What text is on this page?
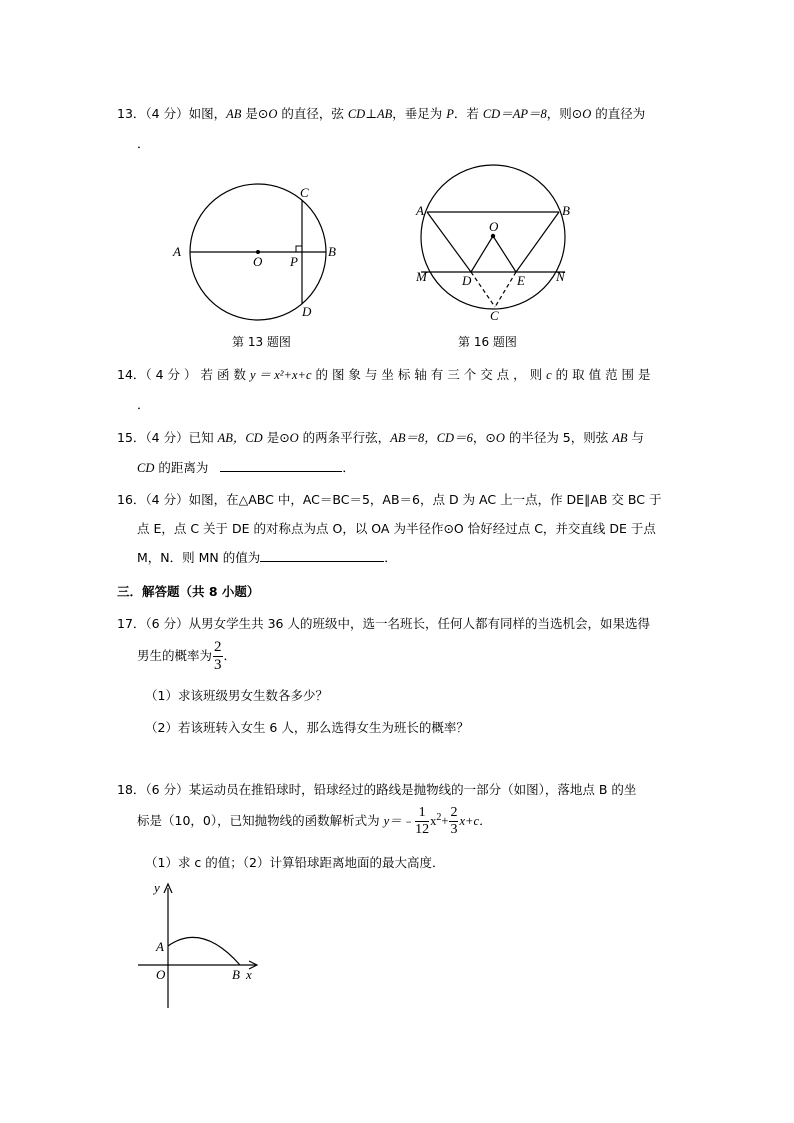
13．（4 分）如图，AB 是⊙O 的直径，弦 CD⊥AB，垂足为 P．若 CD＝AP＝8，则⊙O 的直径为
．
A	B
C
D
O P
第 13 题图
A	B
O
M	N
D	E
C
第 16 题图
14．（ 4 分 ） 若 函 数 y ＝ x²+x+c 的 图 象 与 坐 标 轴 有 三 个 交 点 ， 则 c 的 取 值 范 围 是
．
15．（4 分）已知 AB，CD 是⊙O 的两条平行弦，AB＝8，CD＝6，⊙O 的半径为 5，则弦 AB 与
CD 的距离为	．
16．（4 分）如图，在△ABC 中，AC＝BC＝5，AB＝6，点 D 为 AC 上一点，作 DE∥AB 交 BC 于
点 E，点 C 关于 DE 的对称点为点 O，以 OA 为半径作⊙O 恰好经过点 C，并交直线 DE 于点
M，N．则 MN 的值为	．
三．解答题（共 8 小题）
17．（6 分）从男女学生共 36 人的班级中，选一名班长，任何人都有同样的当选机会，如果选得
男生的概率为 $\frac{2}{3}$ ．
（1）求该班级男女生数各多少？
（2）若该班转入女生 6 人，那么选得女生为班长的概率？
18．（6 分）某运动员在推铅球时，铅球经过的路线是抛物线的一部分（如图），落地点 B 的坐
标是（10，0），已知抛物线的函数解析式为 y＝﹣ $\frac{1}{12} x^2+ \frac{2}{3} x+c$．
（1）求 c 的值；（2）计算铅球距离地面的最大高度．
y
A
O	B x
